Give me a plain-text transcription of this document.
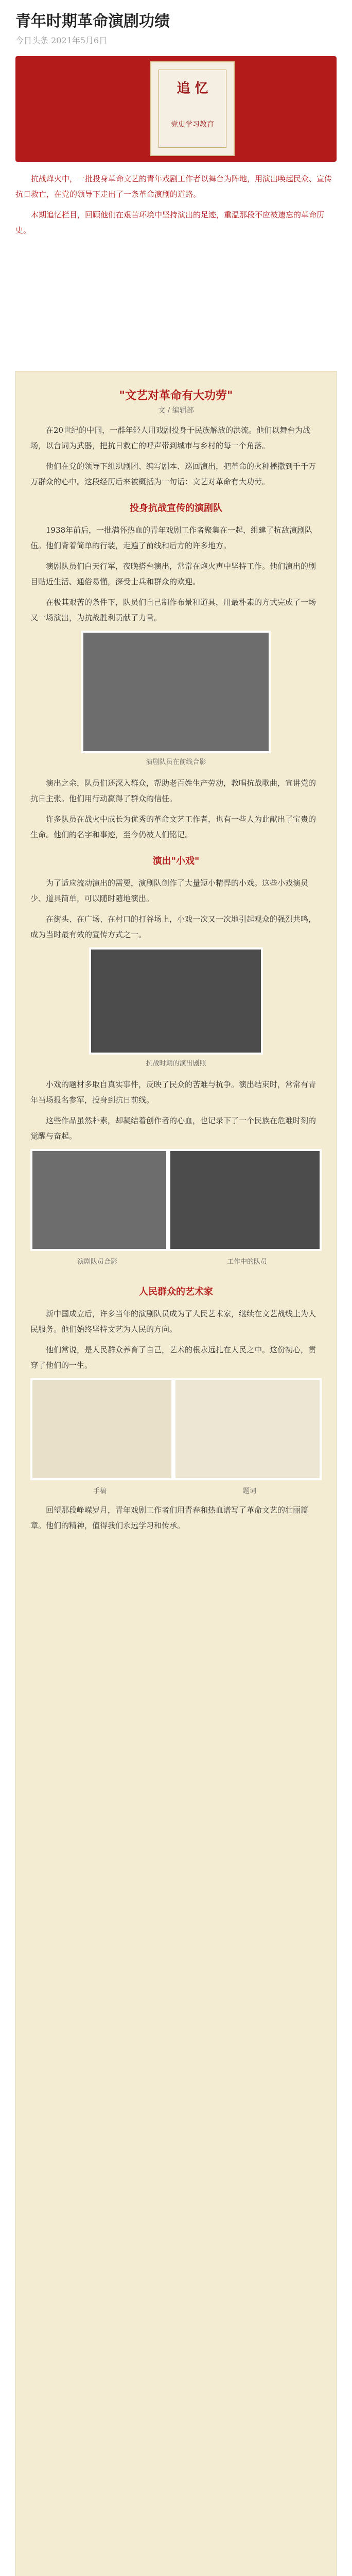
青年时期革命演剧功绩
今日头条 2021年5月6日
追 忆
党史学习教育

抗战烽火中，一批投身革命文艺的青年戏剧工作者以舞台为阵地，用演出唤起民众、宣传抗日救亡，在党的领导下走出了一条革命演剧的道路。

本期追忆栏目，回顾他们在艰苦环境中坚持演出的足迹，重温那段不应被遗忘的革命历史。

"文艺对革命有大功劳"
文 / 编辑部

在20世纪的中国，一群年轻人用戏剧投身于民族解放的洪流。他们以舞台为战场，以台词为武器，把抗日救亡的呼声带到城市与乡村的每一个角落。

他们在党的领导下组织剧团、编写剧本、巡回演出，把革命的火种播撒到千千万万群众的心中。这段经历后来被概括为一句话：文艺对革命有大功劳。

投身抗战宣传的演剧队

1938年前后，一批满怀热血的青年戏剧工作者聚集在一起，组建了抗敌演剧队伍。他们背着简单的行装，走遍了前线和后方的许多地方。

演剧队员们白天行军，夜晚搭台演出，常常在炮火声中坚持工作。他们演出的剧目贴近生活、通俗易懂，深受士兵和群众的欢迎。

在极其艰苦的条件下，队员们自己制作布景和道具，用最朴素的方式完成了一场又一场演出，为抗战胜利贡献了力量。

演剧队员在前线合影

演出之余，队员们还深入群众，帮助老百姓生产劳动，教唱抗战歌曲，宣讲党的抗日主张。他们用行动赢得了群众的信任。

许多队员在战火中成长为优秀的革命文艺工作者，也有一些人为此献出了宝贵的生命。他们的名字和事迹，至今仍被人们铭记。

演出"小戏"

为了适应流动演出的需要，演剧队创作了大量短小精悍的小戏。这些小戏演员少、道具简单，可以随时随地演出。

在街头、在广场、在村口的打谷场上，小戏一次又一次地引起观众的强烈共鸣，成为当时最有效的宣传方式之一。

抗战时期的演出剧照

小戏的题材多取自真实事件，反映了民众的苦难与抗争。演出结束时，常常有青年当场报名参军，投身到抗日前线。

这些作品虽然朴素，却凝结着创作者的心血，也记录下了一个民族在危难时刻的觉醒与奋起。

演剧队员合影	工作中的队员
人民群众的艺术家

新中国成立后，许多当年的演剧队员成为了人民艺术家，继续在文艺战线上为人民服务。他们始终坚持文艺为人民的方向。

他们常说，是人民群众养育了自己，艺术的根永远扎在人民之中。这份初心，贯穿了他们的一生。

手稿	题词

回望那段峥嵘岁月，青年戏剧工作者们用青春和热血谱写了革命文艺的壮丽篇章。他们的精神，值得我们永远学习和传承。
